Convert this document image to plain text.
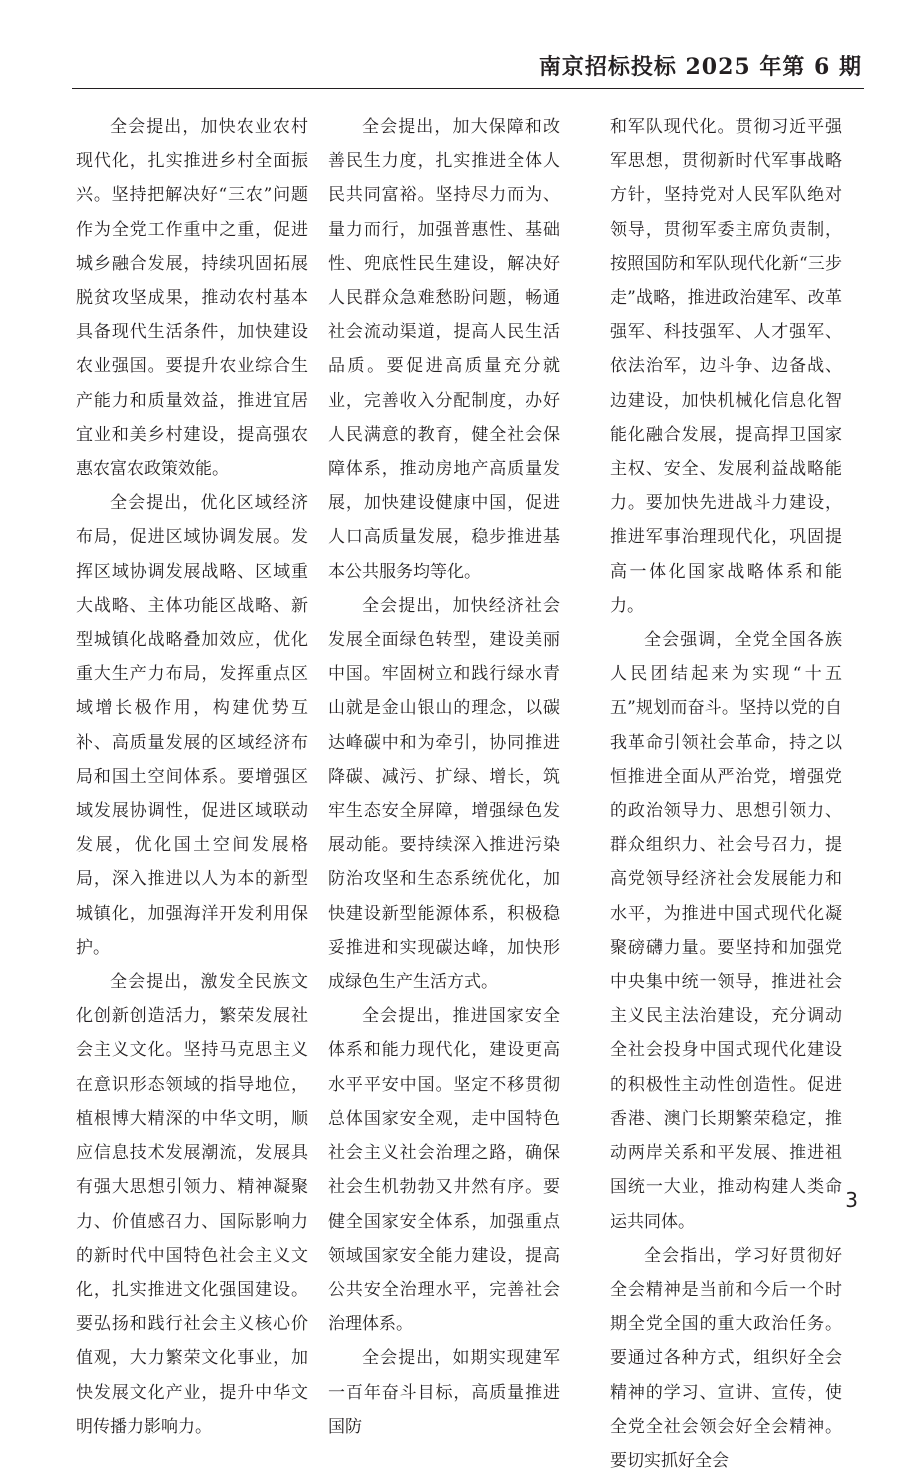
南京招标投标 2025 年第 6 期

全会提出，加快农业农村现代化，扎实推进乡村全面振兴。坚持把解决好“三农”问题作为全党工作重中之重，促进城乡融合发展，持续巩固拓展脱贫攻坚成果，推动农村基本具备现代生活条件，加快建设农业强国。要提升农业综合生产能力和质量效益，推进宜居宜业和美乡村建设，提高强农惠农富农政策效能。

全会提出，优化区域经济布局，促进区域协调发展。发挥区域协调发展战略、区域重大战略、主体功能区战略、新型城镇化战略叠加效应，优化重大生产力布局，发挥重点区域增长极作用，构建优势互补、高质量发展的区域经济布局和国土空间体系。要增强区域发展协调性，促进区域联动发展，优化国土空间发展格局，深入推进以人为本的新型城镇化，加强海洋开发利用保护。

全会提出，激发全民族文化创新创造活力，繁荣发展社会主义文化。坚持马克思主义在意识形态领域的指导地位，植根博大精深的中华文明，顺应信息技术发展潮流，发展具有强大思想引领力、精神凝聚力、价值感召力、国际影响力的新时代中国特色社会主义文化，扎实推进文化强国建设。要弘扬和践行社会主义核心价值观，大力繁荣文化事业，加快发展文化产业，提升中华文明传播力影响力。

全会提出，加大保障和改善民生力度，扎实推进全体人民共同富裕。坚持尽力而为、量力而行，加强普惠性、基础性、兜底性民生建设，解决好人民群众急难愁盼问题，畅通社会流动渠道，提高人民生活品质。要促进高质量充分就业，完善收入分配制度，办好人民满意的教育，健全社会保障体系，推动房地产高质量发展，加快建设健康中国，促进人口高质量发展，稳步推进基本公共服务均等化。

全会提出，加快经济社会发展全面绿色转型，建设美丽中国。牢固树立和践行绿水青山就是金山银山的理念，以碳达峰碳中和为牵引，协同推进降碳、减污、扩绿、增长，筑牢生态安全屏障，增强绿色发展动能。要持续深入推进污染防治攻坚和生态系统优化，加快建设新型能源体系，积极稳妥推进和实现碳达峰，加快形成绿色生产生活方式。

全会提出，推进国家安全体系和能力现代化，建设更高水平平安中国。坚定不移贯彻总体国家安全观，走中国特色社会主义社会治理之路，确保社会生机勃勃又井然有序。要健全国家安全体系，加强重点领域国家安全能力建设，提高公共安全治理水平，完善社会治理体系。

全会提出，如期实现建军一百年奋斗目标，高质量推进国防

和军队现代化。贯彻习近平强军思想，贯彻新时代军事战略方针，坚持党对人民军队绝对领导，贯彻军委主席负责制，按照国防和军队现代化新“三步走”战略，推进政治建军、改革强军、科技强军、人才强军、依法治军，边斗争、边备战、边建设，加快机械化信息化智能化融合发展，提高捍卫国家主权、安全、发展利益战略能力。要加快先进战斗力建设，推进军事治理现代化，巩固提高一体化国家战略体系和能力。

全会强调，全党全国各族人民团结起来为实现“十五五”规划而奋斗。坚持以党的自我革命引领社会革命，持之以恒推进全面从严治党，增强党的政治领导力、思想引领力、群众组织力、社会号召力，提高党领导经济社会发展能力和水平，为推进中国式现代化凝聚磅礴力量。要坚持和加强党中央集中统一领导，推进社会主义民主法治建设，充分调动全社会投身中国式现代化建设的积极性主动性创造性。促进香港、澳门长期繁荣稳定，推动两岸关系和平发展、推进祖国统一大业，推动构建人类命运共同体。

全会指出，学习好贯彻好全会精神是当前和今后一个时期全党全国的重大政治任务。要通过各种方式，组织好全会精神的学习、宣讲、宣传，使全党全社会领会好全会精神。要切实抓好全会

3
